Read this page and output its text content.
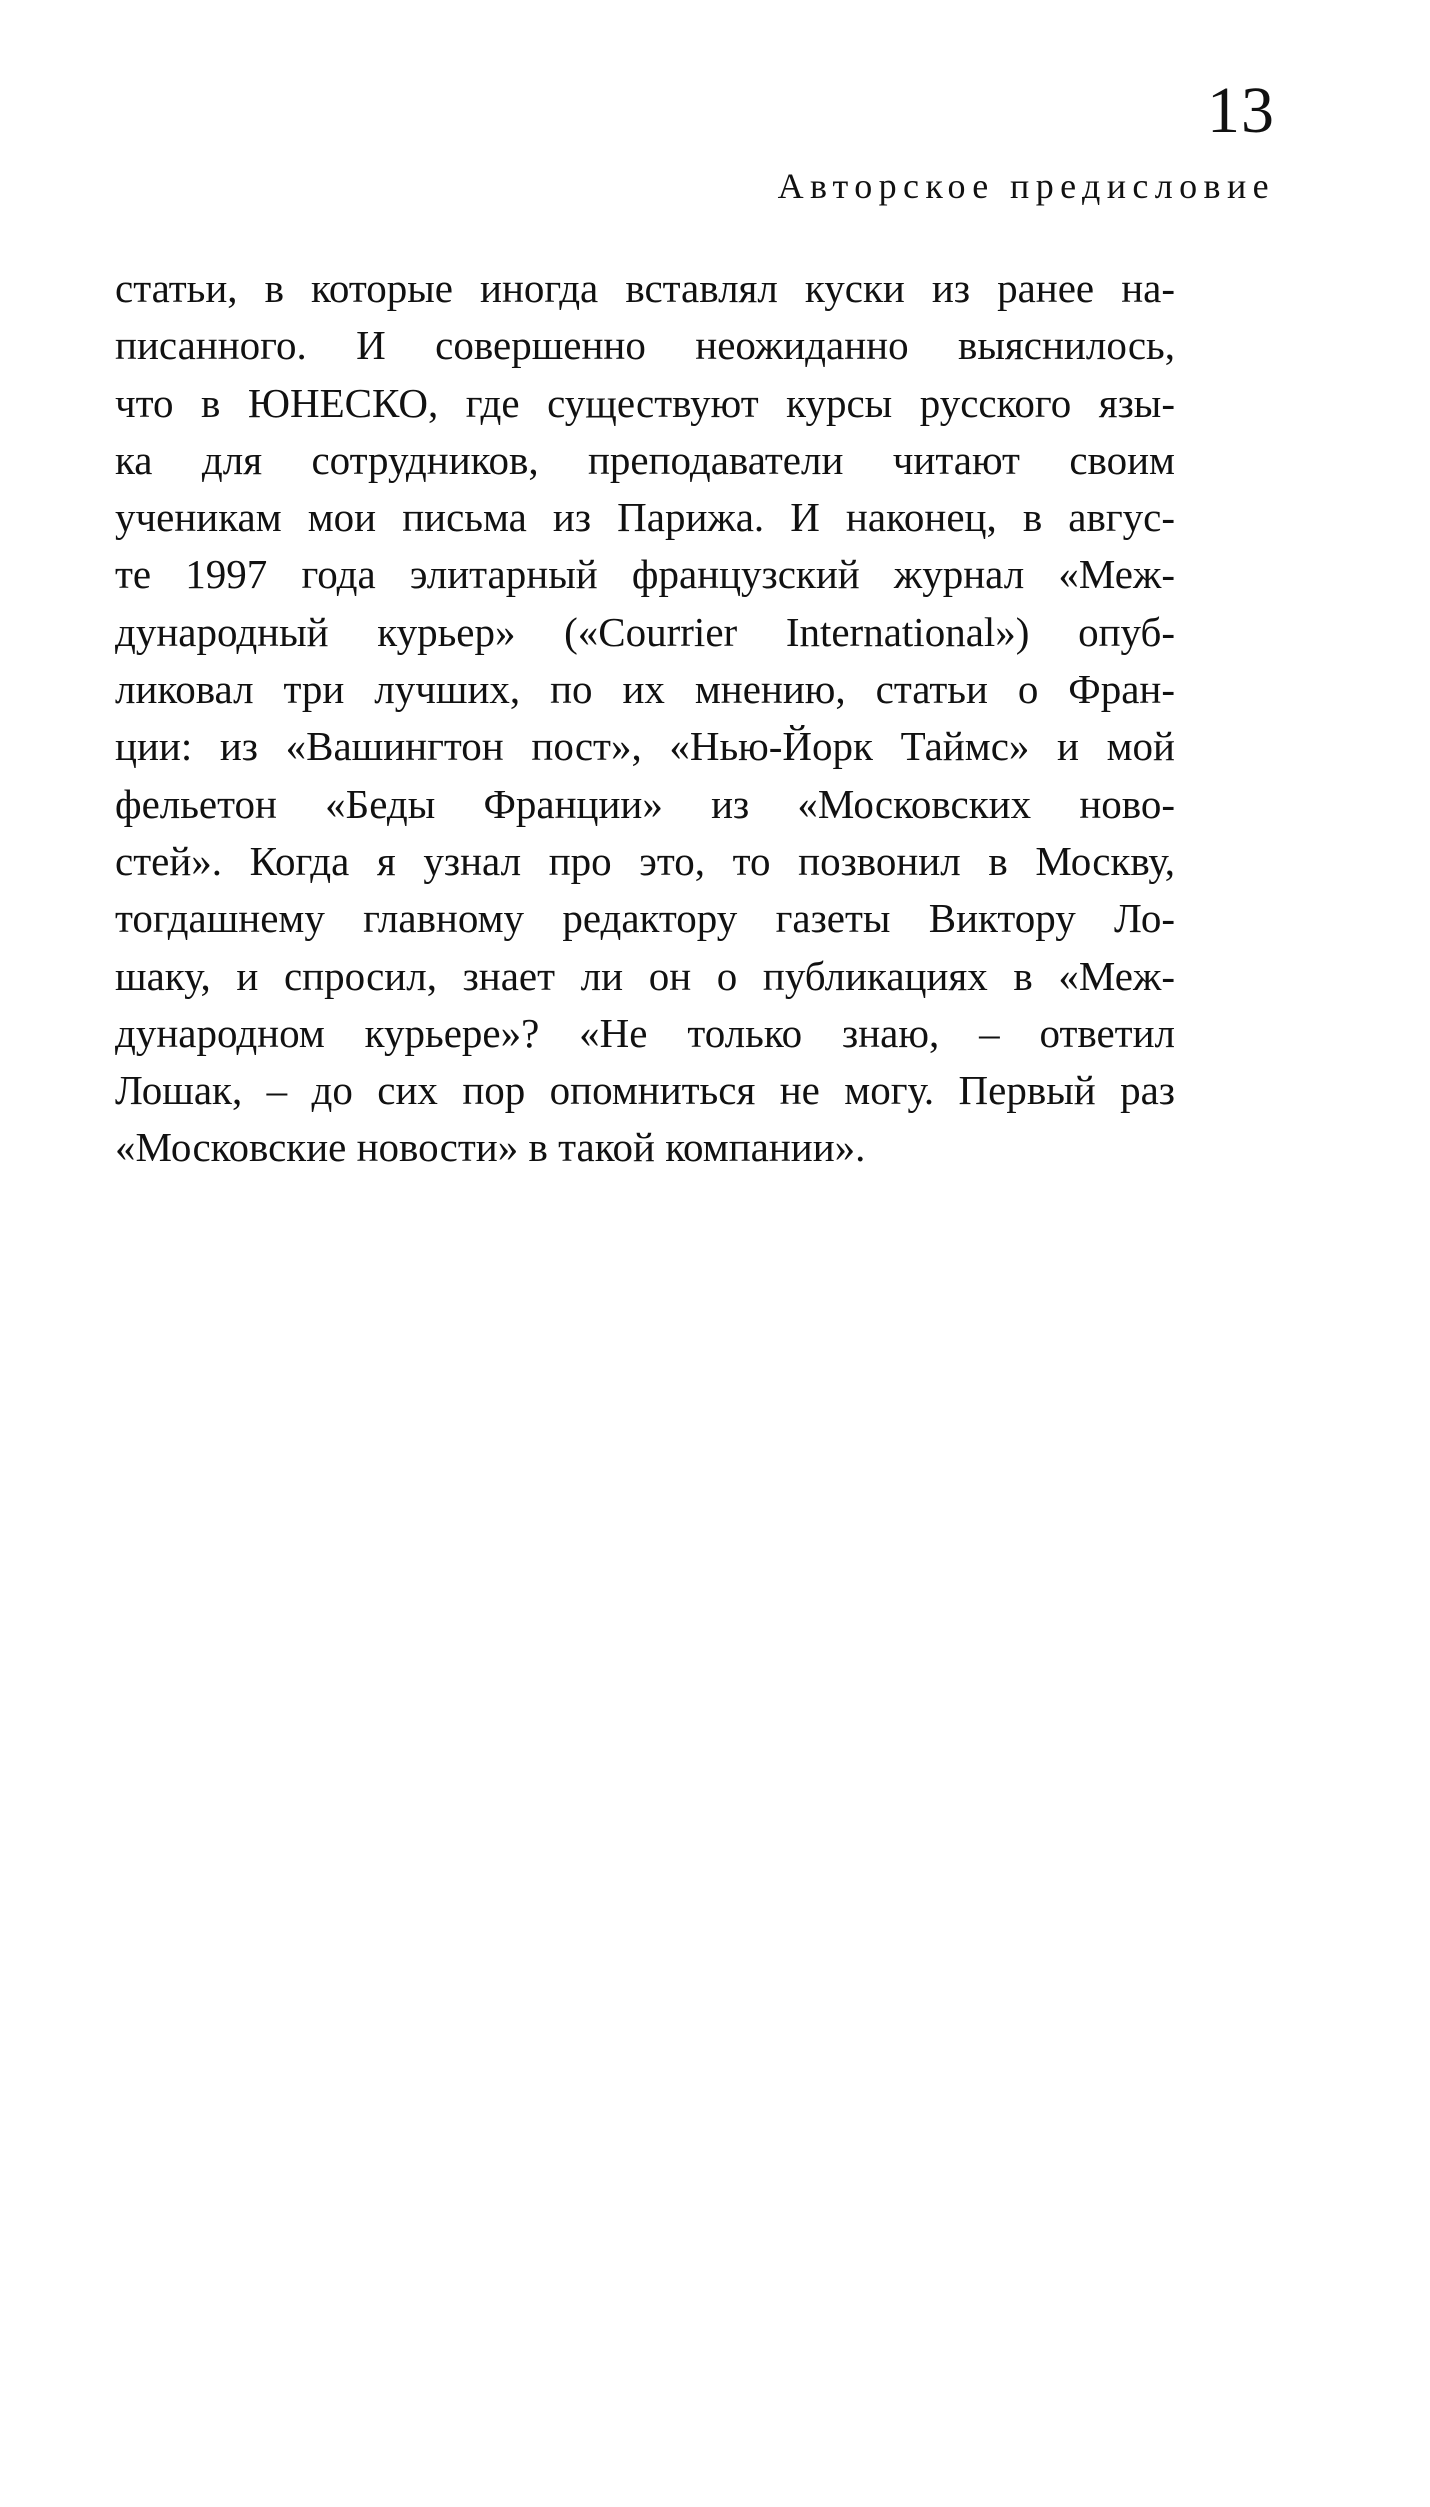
13
Авторское предисловие
статьи, в которые иногда вставлял куски из ранее на-
писанного. И совершенно неожиданно выяснилось,
что в ЮНЕСКО, где существуют курсы русского язы-
ка для сотрудников, преподаватели читают своим
ученикам мои письма из Парижа. И наконец, в авгус-
те 1997 года элитарный французский журнал «Меж-
дународный курьер» («Courrier International») опуб-
ликовал три лучших, по их мнению, статьи о Фран-
ции: из «Вашингтон пост», «Нью-Йорк Таймс» и мой
фельетон «Беды Франции» из «Московских ново-
стей». Когда я узнал про это, то позвонил в Москву,
тогдашнему главному редактору газеты Виктору Ло-
шаку, и спросил, знает ли он о публикациях в «Меж-
дународном курьере»? «Не только знаю, – ответил
Лошак, – до сих пор опомниться не могу. Первый раз
«Московские новости» в такой компании».
